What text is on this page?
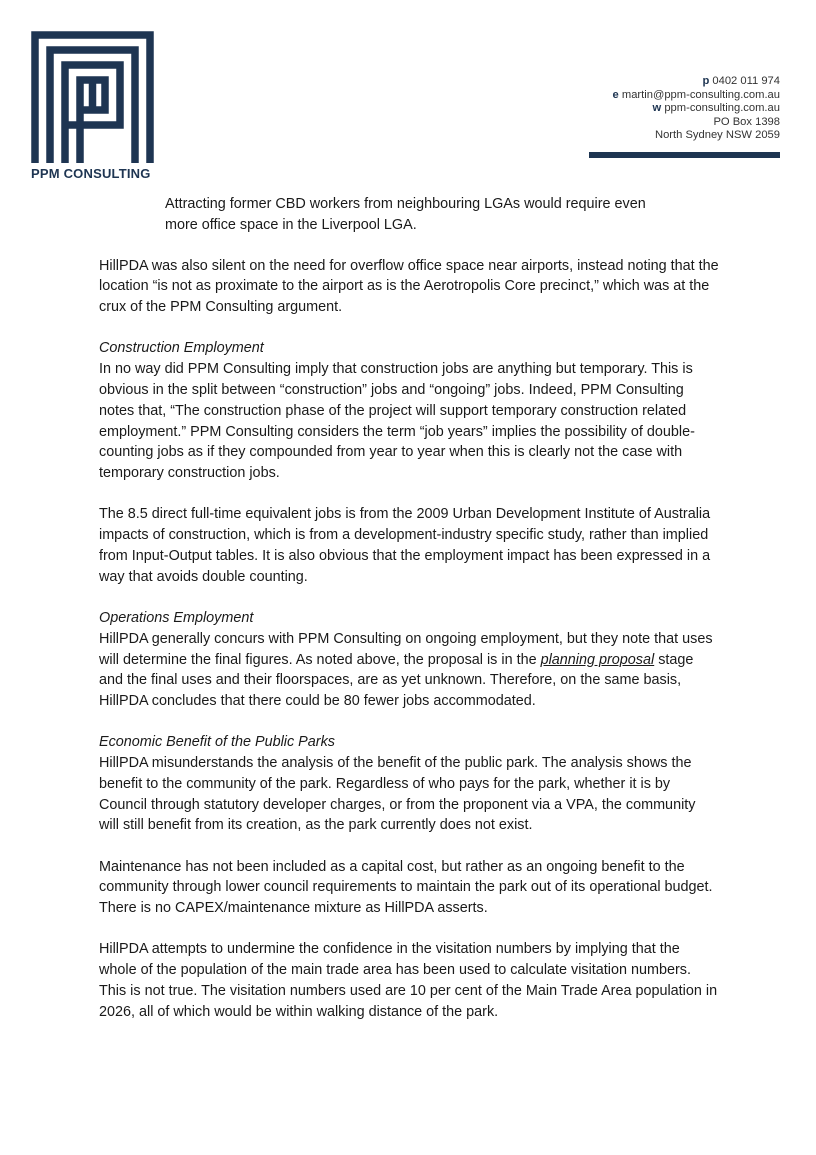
PPM CONSULTING
p 0402 011 974
e martin@ppm-consulting.com.au
w ppm-consulting.com.au
PO Box 1398
North Sydney NSW 2059
Attracting former CBD workers from neighbouring LGAs would require even more office space in the Liverpool LGA.

HillPDA was also silent on the need for overflow office space near airports, instead noting that the location “is not as proximate to the airport as is the Aerotropolis Core precinct,” which was at the crux of the PPM Consulting argument.

Construction Employment

In no way did PPM Consulting imply that construction jobs are anything but temporary. This is obvious in the split between “construction” jobs and “ongoing” jobs. Indeed, PPM Consulting notes that, “The construction phase of the project will support temporary construction related employment.” PPM Consulting considers the term “job years” implies the possibility of double-counting jobs as if they compounded from year to year when this is clearly not the case with temporary construction jobs.

The 8.5 direct full-time equivalent jobs is from the 2009 Urban Development Institute of Australia impacts of construction, which is from a development-industry specific study, rather than implied from Input-Output tables. It is also obvious that the employment impact has been expressed in a way that avoids double counting.

Operations Employment

HillPDA generally concurs with PPM Consulting on ongoing employment, but they note that uses will determine the final figures. As noted above, the proposal is in the planning proposal stage and the final uses and their floorspaces, are as yet unknown. Therefore, on the same basis, HillPDA concludes that there could be 80 fewer jobs accommodated.

Economic Benefit of the Public Parks

HillPDA misunderstands the analysis of the benefit of the public park. The analysis shows the benefit to the community of the park. Regardless of who pays for the park, whether it is by Council through statutory developer charges, or from the proponent via a VPA, the community will still benefit from its creation, as the park currently does not exist.

Maintenance has not been included as a capital cost, but rather as an ongoing benefit to the community through lower council requirements to maintain the park out of its operational budget. There is no CAPEX/maintenance mixture as HillPDA asserts.

HillPDA attempts to undermine the confidence in the visitation numbers by implying that the whole of the population of the main trade area has been used to calculate visitation numbers. This is not true. The visitation numbers used are 10 per cent of the Main Trade Area population in 2026, all of which would be within walking distance of the park.
